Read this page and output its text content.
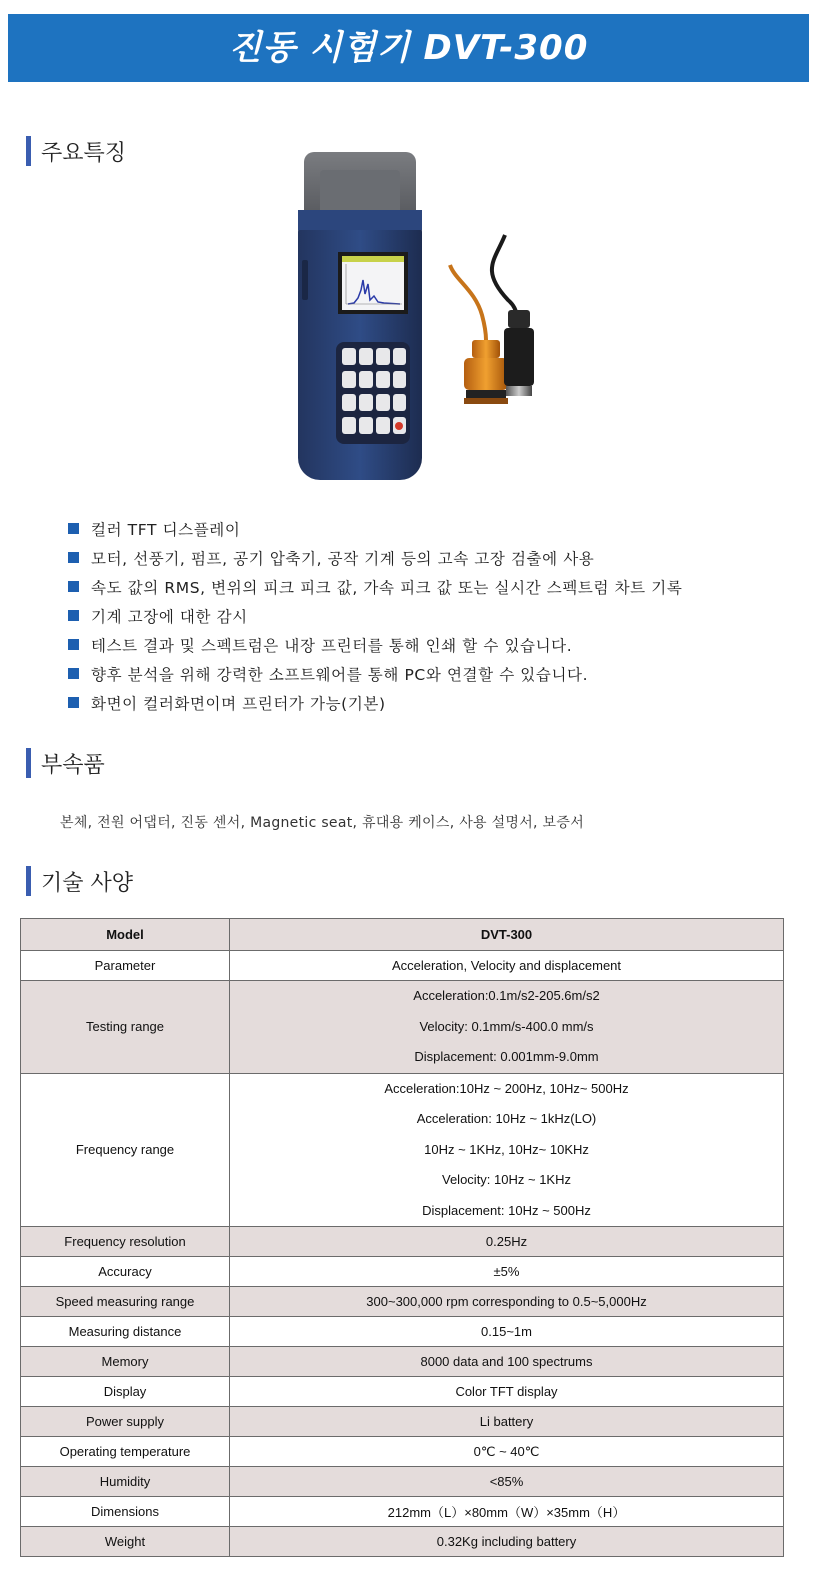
진동 시험기 DVT-300
주요특징
컬러 TFT 디스플레이
모터, 선풍기, 펌프, 공기 압축기, 공작 기계 등의 고속 고장 검출에 사용
속도 값의 RMS, 변위의 피크 피크 값, 가속 피크 값 또는 실시간 스펙트럼 차트 기록
기계 고장에 대한 감시
테스트 결과 및 스펙트럼은 내장 프린터를 통해 인쇄 할 수 있습니다.
향후 분석을 위해 강력한 소프트웨어를 통해 PC와 연결할 수 있습니다.
화면이 컬러화면이며 프린터가 가능(기본)
부속품
본체, 전원 어댑터, 진동 센서, Magnetic seat, 휴대용 케이스, 사용 설명서, 보증서
기술 사양
Model	DVT-300
Parameter	Acceleration, Velocity and displacement
Testing range	Acceleration:0.1m/s2-205.6m/s2
Velocity: 0.1mm/s-400.0 mm/s
Displacement: 0.001mm-9.0mm

Frequency range	Acceleration:10Hz ~ 200Hz, 10Hz~ 500Hz
Acceleration: 10Hz ~ 1kHz(LO)
10Hz ~ 1KHz, 10Hz~ 10KHz
Velocity: 10Hz ~ 1KHz
Displacement: 10Hz ~ 500Hz

Frequency resolution	0.25Hz
Accuracy	±5%
Speed measuring range	300~300,000 rpm corresponding to 0.5~5,000Hz
Measuring distance	0.15~1m
Memory	8000 data and 100 spectrums
Display	Color TFT display
Power supply	Li battery
Operating temperature	0℃ ~ 40℃
Humidity	<85%
Dimensions	212mm（L）×80mm（W）×35mm（H）
Weight	0.32Kg including battery
